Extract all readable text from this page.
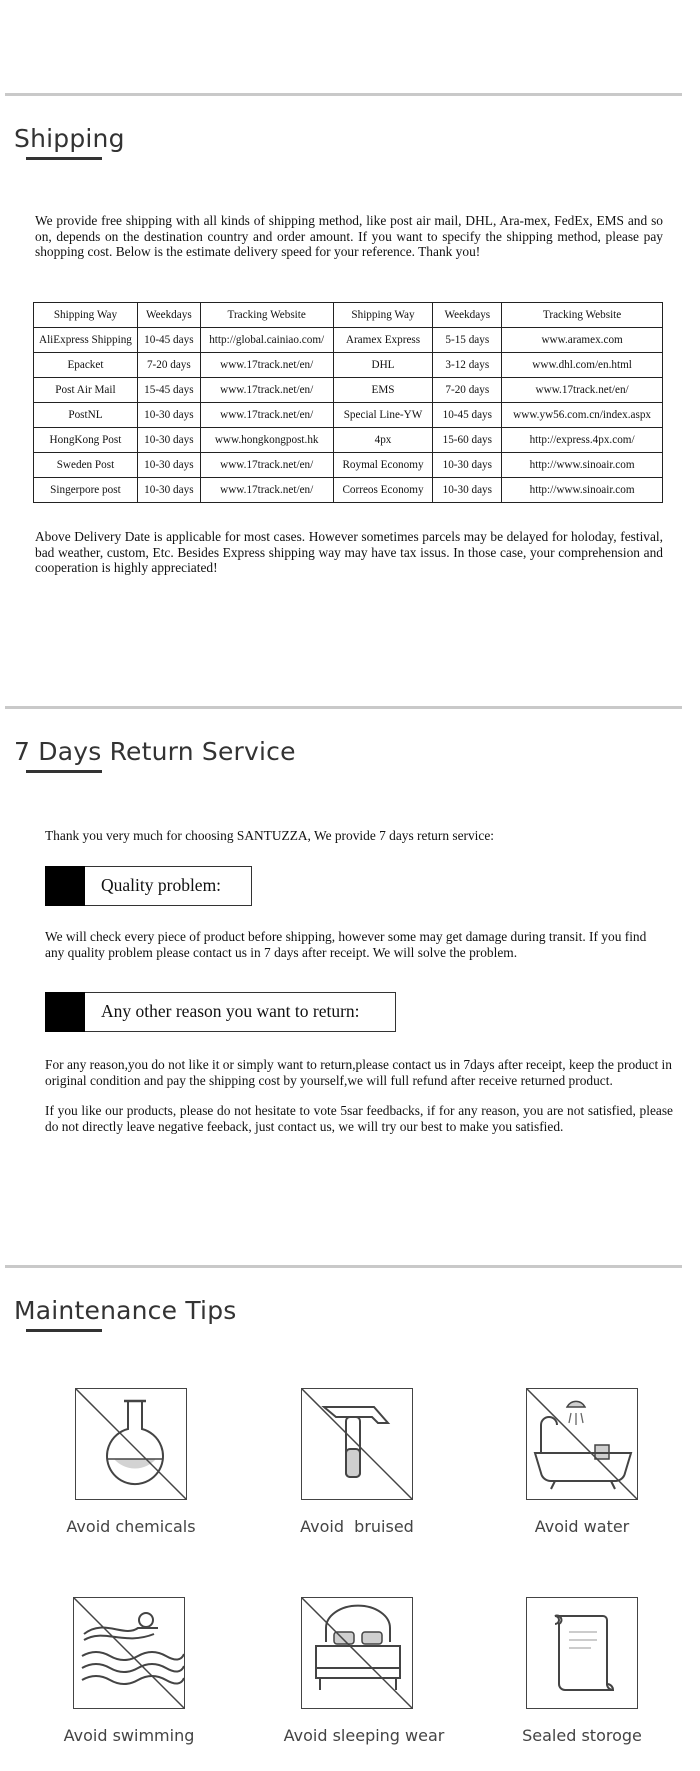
Shipping

We provide free shipping with all kinds of shipping method, like post air mail, DHL, Ara-mex, FedEx, EMS and so on, depends on the destination country and order amount. If you want to specify the shipping method, please pay shopping cost. Below is the estimate delivery speed for your reference. Thank you!

Shipping Way	Weekdays	Tracking Website	Shipping Way	Weekdays	Tracking Website
AliExpress Shipping	10-45 days	http://global.cainiao.com/	Aramex Express	5-15 days	www.aramex.com
Epacket	7-20 days	www.17track.net/en/	DHL	3-12 days	www.dhl.com/en.html
Post Air Mail	15-45 days	www.17track.net/en/	EMS	7-20 days	www.17track.net/en/
PostNL	10-30 days	www.17track.net/en/	Special Line-YW	10-45 days	www.yw56.com.cn/index.aspx
HongKong Post	10-30 days	www.hongkongpost.hk	4px	15-60 days	http://express.4px.com/
Sweden Post	10-30 days	www.17track.net/en/	Roymal Economy	10-30 days	http://www.sinoair.com
Singerpore post	10-30 days	www.17track.net/en/	Correos Economy	10-30 days	http://www.sinoair.com

Above Delivery Date is applicable for most cases. However sometimes parcels may be delayed for holoday, festival, bad weather, custom, Etc. Besides Express shipping way may have tax issus. In those case, your comprehension and cooperation is highly appreciated!

7 Days Return Service

Thank you very much for choosing SANTUZZA, We provide 7 days return service:

Quality problem:

We will check every piece of product before shipping, however some may get damage during transit. If you find any quality problem please contact us in 7 days after receipt. We will solve the problem.

Any other reason you want to return:

For any reason,you do not like it or simply want to return,please contact us in 7days after receipt, keep the product in original condition and pay the shipping cost by yourself,we will full refund after receive returned product.

If you like our products, please do not hesitate to vote 5sar feedbacks, if for any reason, you are not satisfied, please do not directly leave negative feeback, just contact us, we will try our best to make you satisfied.

Maintenance Tips
Avoid chemicals	Avoid  bruised	Avoid water
Avoid swimming	Avoid sleeping wear	Sealed storoge
